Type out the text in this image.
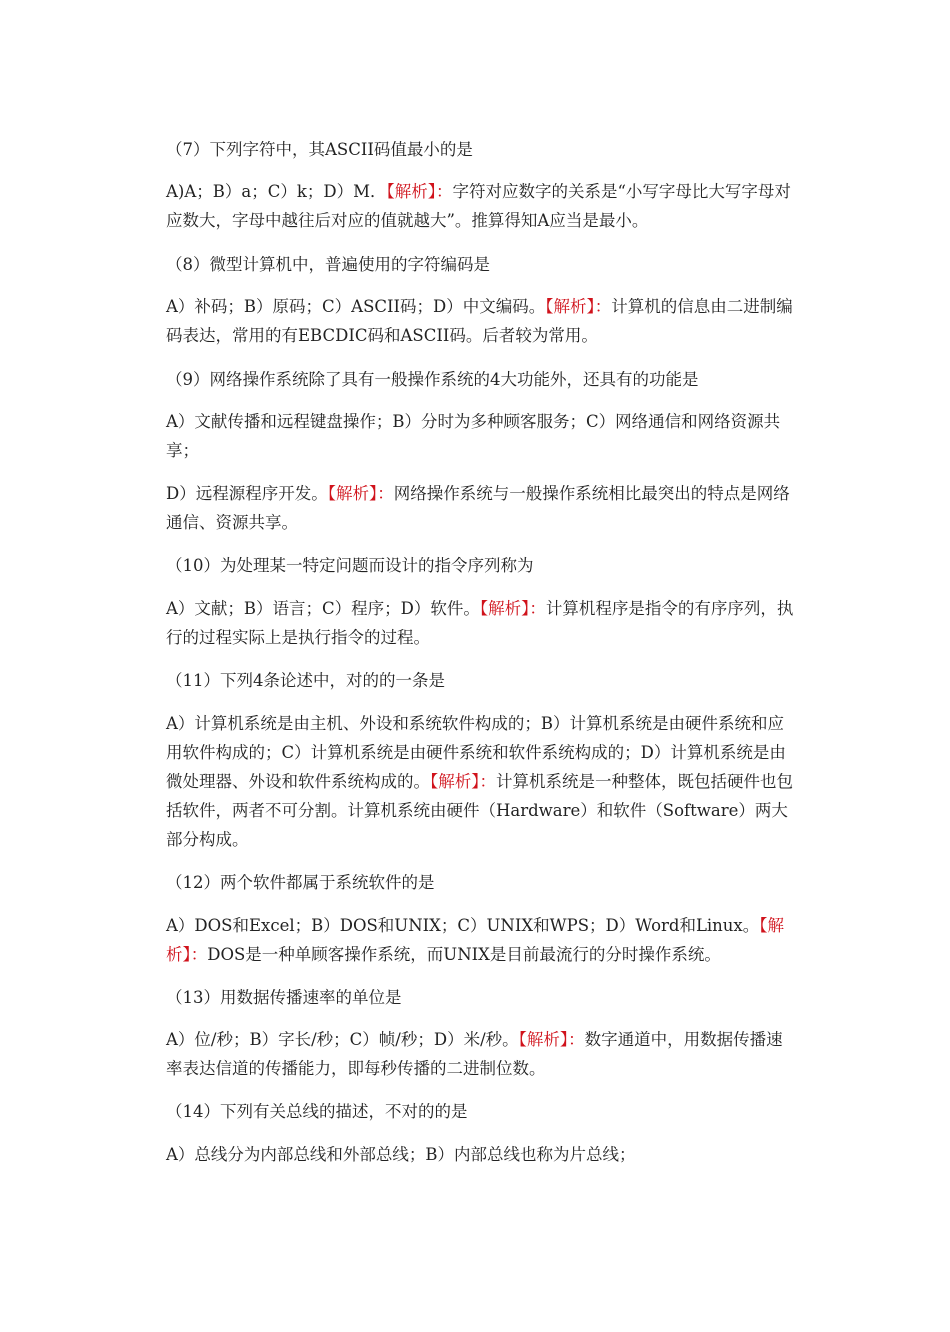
（7）下列字符中，其ASCII码值最小的是

A)A；B）a；C）k；D）M．【解析】：字符对应数字的关系是“小写字母比大写字母对应数大，字母中越往后对应的值就越大”。推算得知A应当是最小。

（8）微型计算机中，普遍使用的字符编码是

A）补码；B）原码；C）ASCII码；D）中文编码。【解析】：计算机的信息由二进制编码表达，常用的有EBCDIC码和ASCII码。后者较为常用。

（9）网络操作系统除了具有一般操作系统的4大功能外，还具有的功能是

A）文献传播和远程键盘操作；B）分时为多种顾客服务；C）网络通信和网络资源共享；

D）远程源程序开发。【解析】：网络操作系统与一般操作系统相比最突出的特点是网络通信、资源共享。

（10）为处理某一特定问题而设计的指令序列称为

A）文献；B）语言；C）程序；D）软件。【解析】：计算机程序是指令的有序序列，执行的过程实际上是执行指令的过程。

（11）下列4条论述中，对的的一条是

A）计算机系统是由主机、外设和系统软件构成的；B）计算机系统是由硬件系统和应用软件构成的；C）计算机系统是由硬件系统和软件系统构成的；D）计算机系统是由微处理器、外设和软件系统构成的。【解析】：计算机系统是一种整体，既包括硬件也包括软件，两者不可分割。计算机系统由硬件（Hardware）和软件（Software）两大部分构成。

（12）两个软件都属于系统软件的是

A）DOS和Excel；B）DOS和UNIX；C）UNIX和WPS；D）Word和Linux。【解析】：DOS是一种单顾客操作系统，而UNIX是目前最流行的分时操作系统。

（13）用数据传播速率的单位是

A）位/秒；B）字长/秒；C）帧/秒；D）米/秒。【解析】：数字通道中，用数据传播速率表达信道的传播能力，即每秒传播的二进制位数。

（14）下列有关总线的描述，不对的的是

A）总线分为内部总线和外部总线；B）内部总线也称为片总线；
